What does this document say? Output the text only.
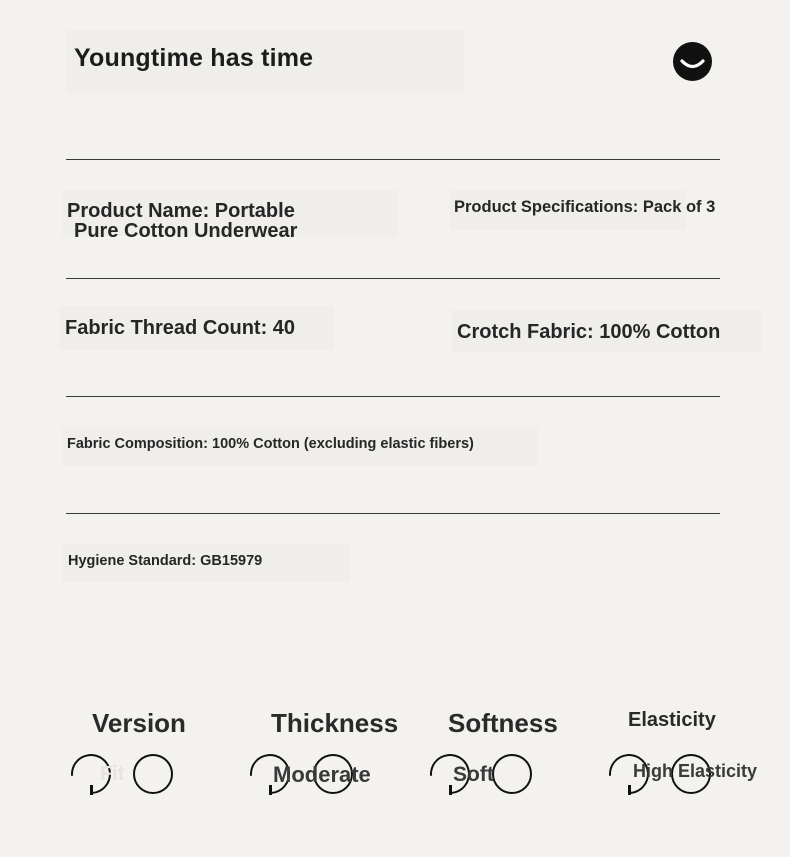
Youngtime has time
Product Name: Portable
Pure Cotton Underwear
Product Specifications: Pack of 3
Fabric Thread Count: 40	Crotch Fabric: 100% Cotton
Fabric Composition: 100% Cotton (excluding elastic fibers)
Hygiene Standard: GB15979
Version
Fit
Thickness
Moderate
Softness
Soft
Elasticity
High Elasticity
